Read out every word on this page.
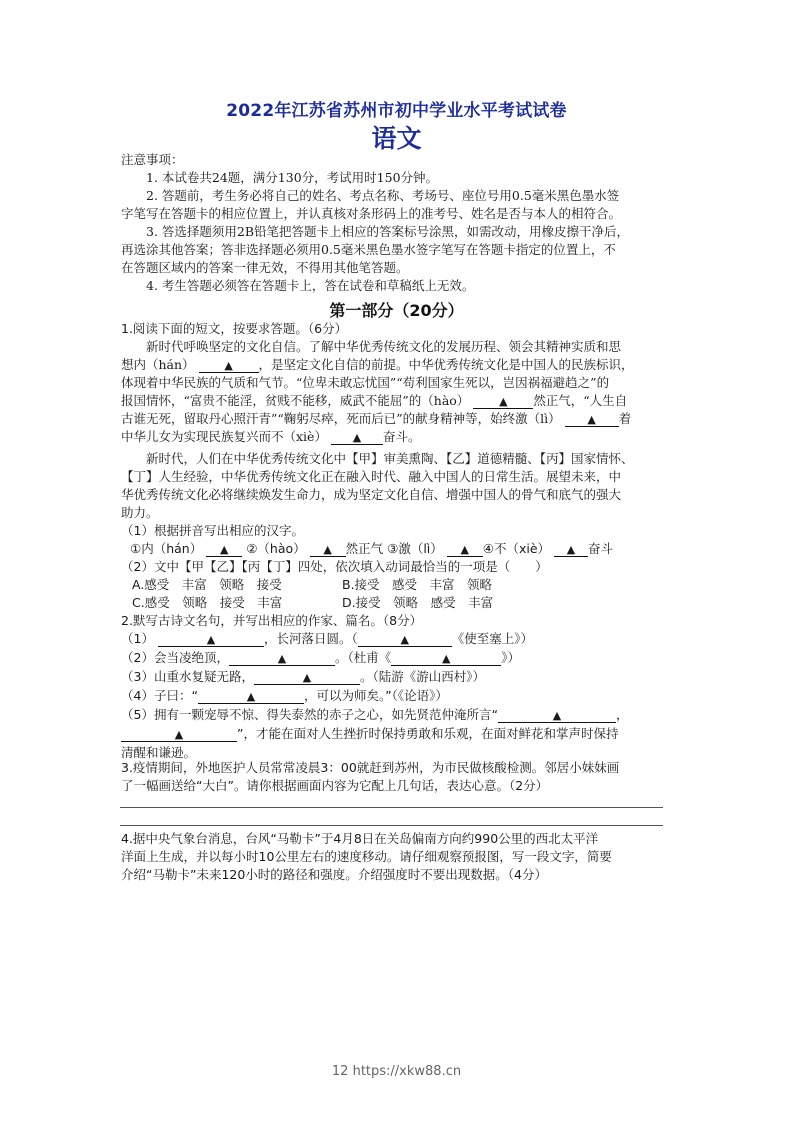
2022年江苏省苏州市初中学业水平考试试卷
语文
注意事项：
1. 本试卷共24题，满分130分，考试用时150分钟。
2. 答题前，考生务必将自己的姓名、考点名称、考场号、座位号用0.5毫米黑色墨水签
字笔写在答题卡的相应位置上，并认真核对条形码上的准考号、姓名是否与本人的相符合。
3. 答选择题须用2B铅笔把答题卡上相应的答案标号涂黑，如需改动，用橡皮擦干净后，
再选涂其他答案；答非选择题必须用0.5毫米黑色墨水签字笔写在答题卡指定的位置上，不
在答题区域内的答案一律无效，不得用其他笔答题。
4. 考生答题必须答在答题卡上，答在试卷和草稿纸上无效。
第一部分（20分）
1.阅读下面的短文，按要求答题。（6分）
新时代呼唤坚定的文化自信。了解中华优秀传统文化的发展历程、领会其精神实质和思
想内（hán）	▲ ，是坚定文化自信的前提。中华优秀传统文化是中国人的民族标识，
体现着中华民族的气质和气节。“位卑未敢忘忧国”“苟利国家生死以，岂因祸福避趋之”的
报国情怀，“富贵不能淫，贫贱不能移，威武不能屈”的（hào）	▲ 然正气，“人生自
古谁无死，留取丹心照汗青”“鞠躬尽瘁，死而后已”的献身精神等，始终激（lì） ▲ 着
中华儿女为实现民族复兴而不（xiè） ▲ 奋斗。
新时代，人们在中华优秀传统文化中【甲】审美熏陶、【乙】道德精髓、【丙】国家情怀、
【丁】人生经验，中华优秀传统文化正在融入时代、融入中国人的日常生活。展望未来，中
华优秀传统文化必将继续焕发生命力，成为坚定文化自信、增强中国人的骨气和底气的强大
助力。
（1）根据拼音写出相应的汉字。
①内（hán） ▲ ②（hào） ▲ 然正气 ③激（lì） ▲ ④不（xiè） ▲ 奋斗
（2）文中【甲【乙】【丙【丁】四处，依次填入动词最恰当的一项是（　　）
A.感受　丰富　领略　接受	B.接受　感受　丰富　领略
C.感受　领略　接受　丰富	D.接受　领略　感受　丰富
2.默写古诗文名句，并写出相应的作家、篇名。（8分）
（1）	▲	，长河落日圆。（	▲	《使至塞上》）
（2）会当凌绝顶，	▲	。（杜甫《	▲	》）
（3）山重水复疑无路，	▲	。（陆游《游山西村》）
（4）子曰：“	▲	，可以为师矣。”（《论语》）
（5）拥有一颗宠辱不惊、得失泰然的赤子之心，如先贤范仲淹所言“	▲	，
▲	”，才能在面对人生挫折时保持勇敢和乐观，在面对鲜花和掌声时保持
清醒和谦逊。
3.疫情期间，外地医护人员常常凌晨3：00就赶到苏州，为市民做核酸检测。邻居小妹妹画
了一幅画送给“大白”。请你根据画面内容为它配上几句话，表达心意。（2分）
4.据中央气象台消息，台风“马勒卡”于4月8日在关岛偏南方向约990公里的西北太平洋
洋面上生成，并以每小时10公里左右的速度移动。请仔细观察预报图，写一段文字，简要
介绍“马勒卡”未来120小时的路径和强度。介绍强度时不要出现数据。（4分）
12 https://xkw88.cn
